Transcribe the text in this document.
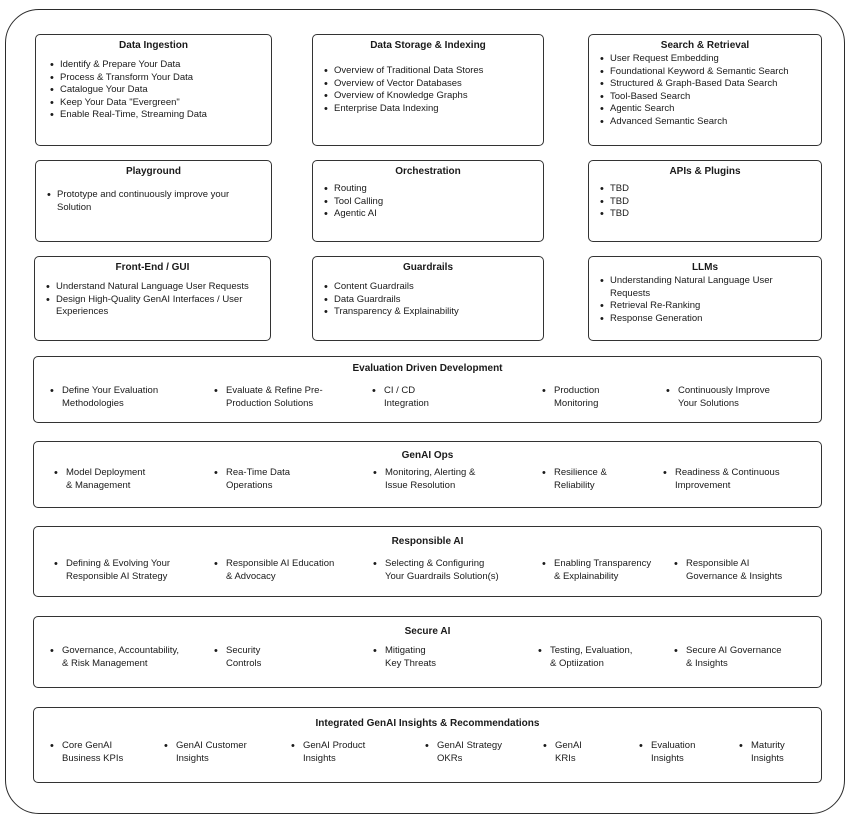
Data Ingestion
• Identify & Prepare Your Data
• Process & Transform Your Data
• Catalogue Your Data
• Keep Your Data "Evergreen"
• Enable Real-Time, Streaming Data
Data Storage & Indexing
• Overview of Traditional Data Stores
• Overview of Vector Databases
• Overview of Knowledge Graphs
• Enterprise Data Indexing
Search & Retrieval
• User Request Embedding
• Foundational Keyword & Semantic Search
• Structured & Graph-Based Data Search
• Tool-Based Search
• Agentic Search
• Advanced Semantic Search
Playground
• Prototype and continuously improve your Solution
Orchestration
• Routing
• Tool Calling
• Agentic AI
APIs & Plugins
• TBD
• TBD
• TBD
Front-End / GUI
• Understand Natural Language User Requests
• Design High-Quality GenAI Interfaces / User Experiences
Guardrails
• Content Guardrails
• Data Guardrails
• Transparency & Explainability
LLMs
• Understanding Natural Language User Requests
• Retrieval Re-Ranking
• Response Generation
Evaluation Driven Development
• Define Your Evaluation
Methodologies
• Evaluate & Refine Pre-
Production Solutions
• CI / CD
Integration
• Production
Monitoring
• Continuously Improve
Your Solutions
GenAI Ops
• Model Deployment
& Management
• Rea-Time Data
Operations
• Monitoring, Alerting &
Issue Resolution
• Resilience &
Reliability
• Readiness & Continuous
Improvement
Responsible AI
• Defining & Evolving Your
Responsible AI Strategy
• Responsible AI Education
& Advocacy
• Selecting & Configuring
Your Guardrails Solution(s)
• Enabling Transparency
& Explainability
• Responsible AI
Governance & Insights
Secure AI
• Governance, Accountability,
& Risk Management
• Security
Controls
• Mitigating
Key Threats
• Testing, Evaluation,
& Optiization
• Secure AI Governance
& Insights
Integrated GenAI Insights & Recommendations
• Core GenAI
Business KPIs
• GenAI Customer
Insights
• GenAI Product
Insights
• GenAI Strategy
OKRs
• GenAI
KRIs
• Evaluation
Insights
• Maturity
Insights
